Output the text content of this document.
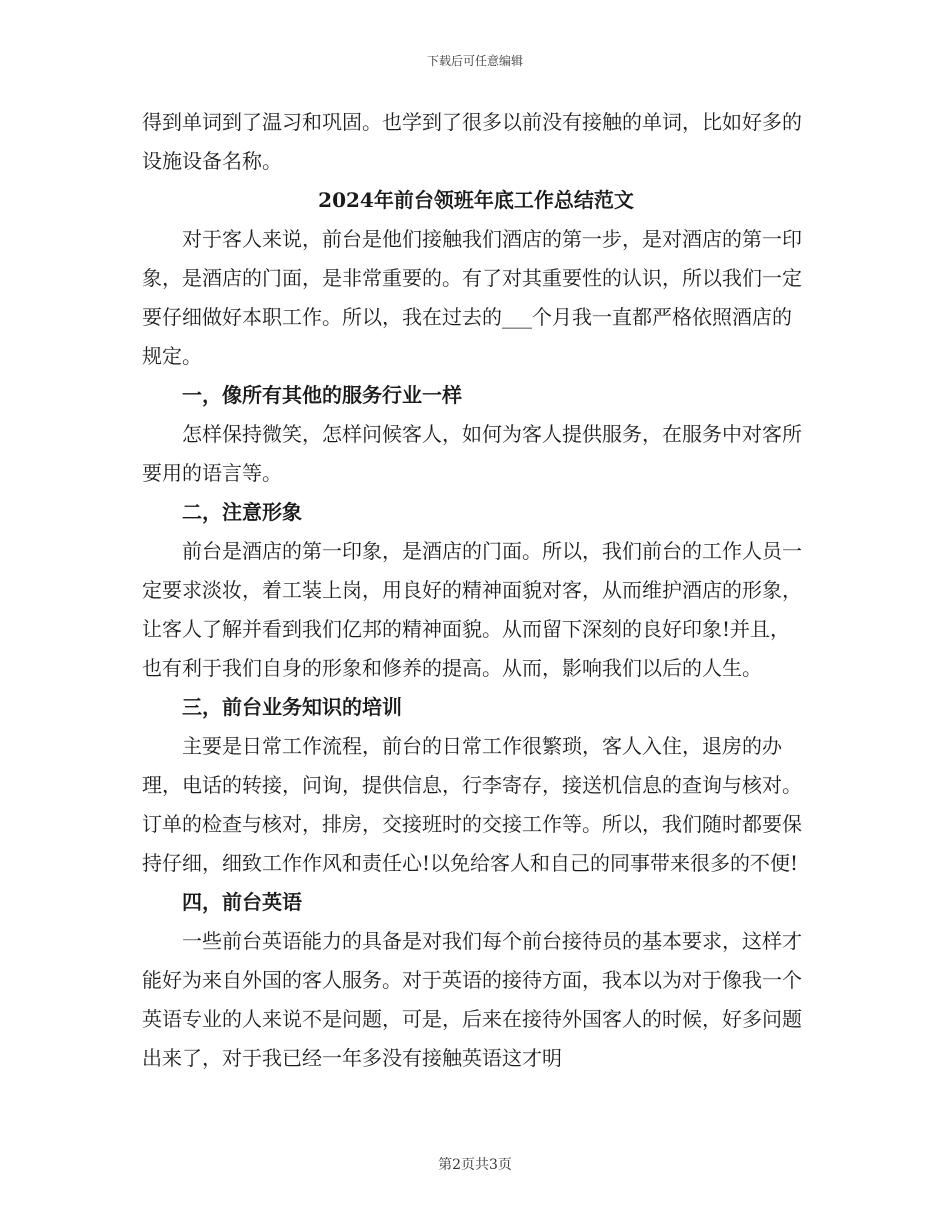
下载后可任意编辑

得到单词到了温习和巩固。也学到了很多以前没有接触的单词，比如好多的设施设备名称。

2024年前台领班年底工作总结范文

对于客人来说，前台是他们接触我们酒店的第一步，是对酒店的第一印象，是酒店的门面，是非常重要的。有了对其重要性的认识，所以我们一定要仔细做好本职工作。所以，我在过去的___个月我一直都严格依照酒店的规定。

一，像所有其他的服务行业一样

怎样保持微笑，怎样问候客人，如何为客人提供服务，在服务中对客所要用的语言等。

二，注意形象

前台是酒店的第一印象，是酒店的门面。所以，我们前台的工作人员一定要求淡妆，着工装上岗，用良好的精神面貌对客，从而维护酒店的形象，让客人了解并看到我们亿邦的精神面貌。从而留下深刻的良好印象!并且，也有利于我们自身的形象和修养的提高。从而，影响我们以后的人生。

三，前台业务知识的培训

主要是日常工作流程，前台的日常工作很繁琐，客人入住，退房的办理，电话的转接，问询，提供信息，行李寄存，接送机信息的查询与核对。订单的检查与核对，排房，交接班时的交接工作等。所以，我们随时都要保持仔细，细致工作作风和责任心!以免给客人和自己的同事带来很多的不便!

四，前台英语

一些前台英语能力的具备是对我们每个前台接待员的基本要求，这样才能好为来自外国的客人服务。对于英语的接待方面，我本以为对于像我一个英语专业的人来说不是问题，可是，后来在接待外国客人的时候，好多问题出来了，对于我已经一年多没有接触英语这才明

第2页共3页
